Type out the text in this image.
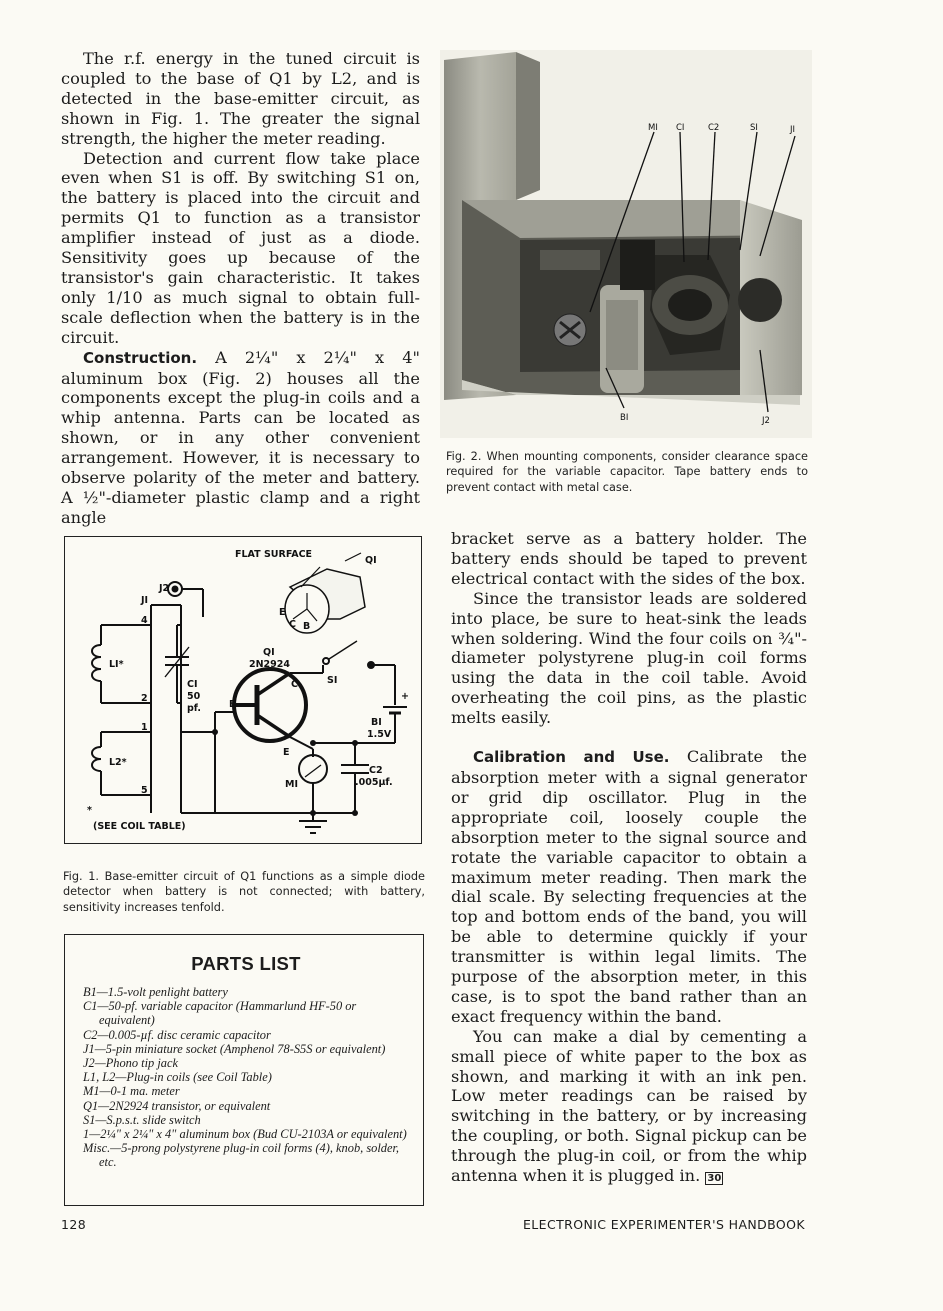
The r.f. energy in the tuned circuit is coupled to the base of Q1 by L2, and is detected in the base-emitter circuit, as shown in Fig. 1. The greater the signal strength, the higher the meter reading.

Detection and current flow take place even when S1 is off. By switching S1 on, the battery is placed into the circuit and permits Q1 to function as a transistor amplifier instead of just as a diode. Sensitivity goes up because of the transistor's gain characteristic. It takes only 1/10 as much signal to obtain full-scale deflection when the battery is in the circuit.

Construction. A 2¼" x 2¼" x 4" aluminum box (Fig. 2) houses all the components except the plug-in coils and a whip antenna. Parts can be located as shown, or in any other convenient arrangement. However, it is necessary to observe polarity of the meter and battery. A ½"-diameter plastic clamp and a right angle

MI CI	C2	SI	JI
BI	J2
Fig. 2. When mounting components, consider clearance space required for the variable capacitor. Tape battery ends to prevent contact with metal case.
FLAT SURFACE
QI
E
C B
J2
JI
4
2
1
5
LI*
L2*
CI
50
pf.
QI
2N2924
C
B
E
SI
+
BI
1.5V
MI
C2
.005µf.
*
(SEE COIL TABLE)
Fig. 1. Base-emitter circuit of Q1 functions as a simple diode detector when battery is not connected; with battery, sensitivity increases tenfold.
PARTS LIST
B1—1.5-volt penlight battery
C1—50-pf. variable capacitor (Hammarlund HF-50 or equivalent)
C2—0.005-µf. disc ceramic capacitor
J1—5-pin miniature socket (Amphenol 78-S5S or equivalent)
J2—Phono tip jack
L1, L2—Plug-in coils (see Coil Table)
M1—0-1 ma. meter
Q1—2N2924 transistor, or equivalent
S1—S.p.s.t. slide switch
1—2¼" x 2¼" x 4" aluminum box (Bud CU-2103A or equivalent)
Misc.—5-prong polystyrene plug-in coil forms (4), knob, solder, etc.

bracket serve as a battery holder. The battery ends should be taped to prevent electrical contact with the sides of the box.

Since the transistor leads are soldered into place, be sure to heat-sink the leads when soldering. Wind the four coils on ¾"-diameter polystyrene plug-in coil forms using the data in the coil table. Avoid overheating the coil pins, as the plastic melts easily.

Calibration and Use. Calibrate the absorption meter with a signal generator or grid dip oscillator. Plug in the appropriate coil, loosely couple the absorption meter to the signal source and rotate the variable capacitor to obtain a maximum meter reading. Then mark the dial scale. By selecting frequencies at the top and bottom ends of the band, you will be able to determine quickly if your transmitter is within legal limits. The purpose of the absorption meter, in this case, is to spot the band rather than an exact frequency within the band.

You can make a dial by cementing a small piece of white paper to the box as shown, and marking it with an ink pen. Low meter readings can be raised by switching in the battery, or by increasing the coupling, or both. Signal pickup can be through the plug-in coil, or from the whip antenna when it is plugged in. 30

128	ELECTRONIC EXPERIMENTER'S HANDBOOK
